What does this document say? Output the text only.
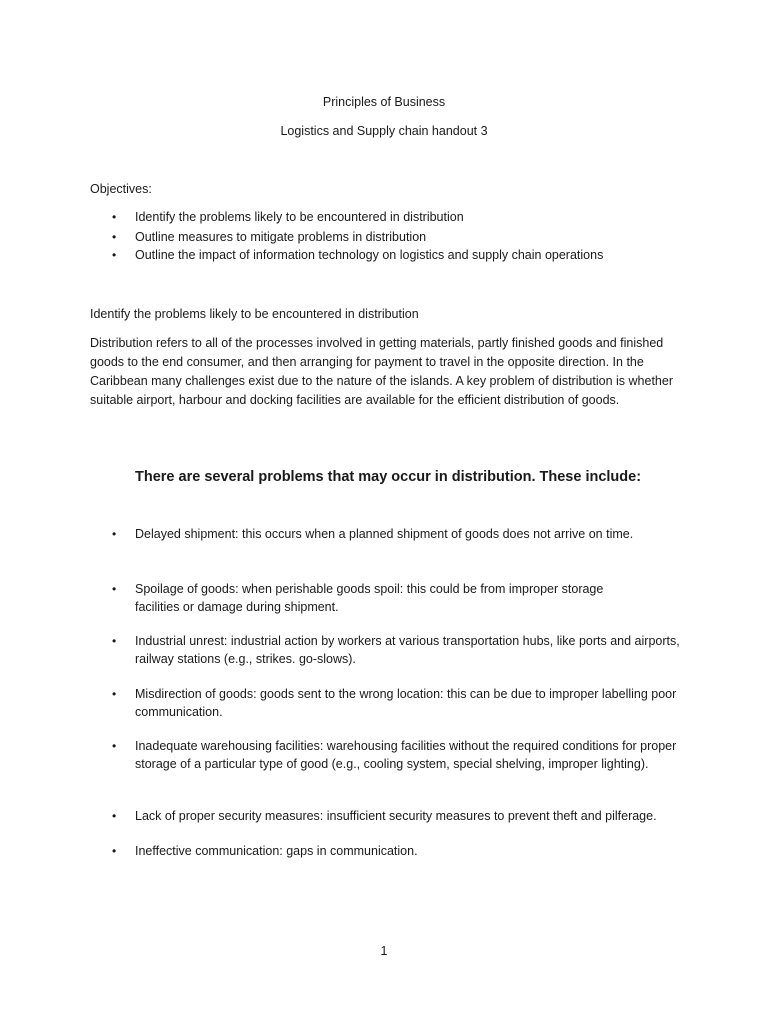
Principles of Business
Logistics and Supply chain handout 3
Objectives:
•	Identify the problems likely to be encountered in distribution
•	Outline measures to mitigate problems in distribution
•	Outline the impact of information technology on logistics and supply chain operations
Identify the problems likely to be encountered in distribution
Distribution refers to all of the processes involved in getting materials, partly finished goods and finished goods to the end consumer, and then arranging for payment to travel in the opposite direction. In the Caribbean many challenges exist due to the nature of the islands. A key problem of distribution is whether suitable airport, harbour and docking facilities are available for the efficient distribution of goods.
There are several problems that may occur in distribution. These include:
•	Delayed shipment: this occurs when a planned shipment of goods does not arrive on time.
•	Spoilage of goods: when perishable goods spoil: this could be from improper storage facilities or damage during shipment.
•	Industrial unrest: industrial action by workers at various transportation hubs, like ports and airports, railway stations (e.g., strikes. go-slows).
•	Misdirection of goods: goods sent to the wrong location: this can be due to improper labelling poor communication.
•	Inadequate warehousing facilities: warehousing facilities without the required conditions for proper storage of a particular type of good (e.g., cooling system, special shelving, improper lighting).
•	Lack of proper security measures: insufficient security measures to prevent theft and pilferage.
•	Ineffective communication: gaps in communication.
1
